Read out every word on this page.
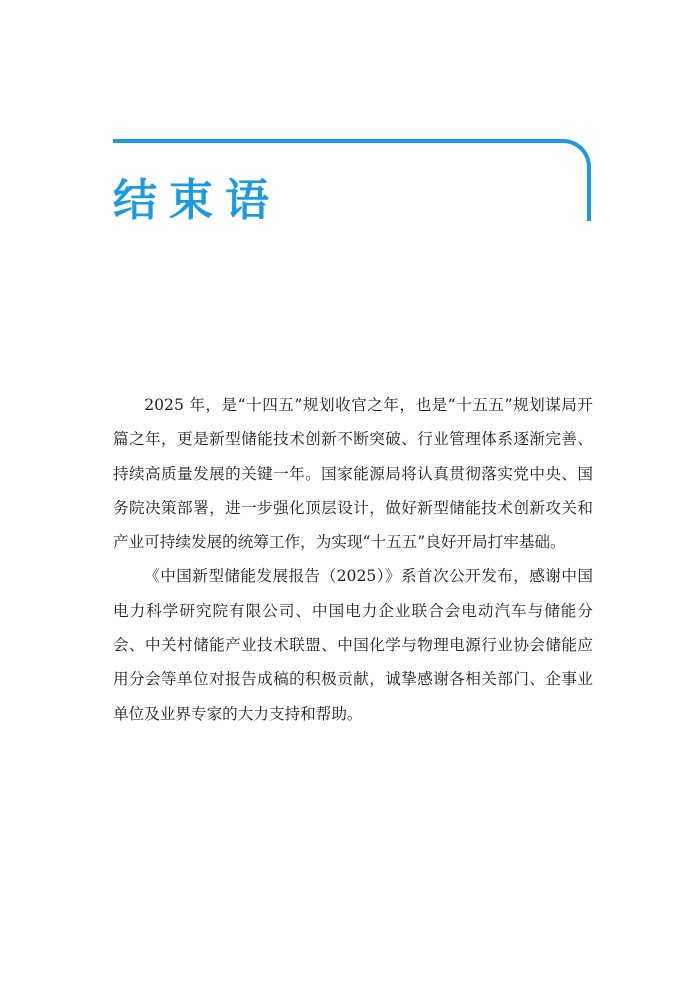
结束语

2025 年，是“十四五”规划收官之年，也是“十五五”规划谋局开篇之年，更是新型储能技术创新不断突破、行业管理体系逐渐完善、持续高质量发展的关键一年。国家能源局将认真贯彻落实党中央、国务院决策部署，进一步强化顶层设计，做好新型储能技术创新攻关和产业可持续发展的统筹工作，为实现“十五五”良好开局打牢基础。

《中国新型储能发展报告（2025）》系首次公开发布，感谢中国电力科学研究院有限公司、中国电力企业联合会电动汽车与储能分会、中关村储能产业技术联盟、中国化学与物理电源行业协会储能应用分会等单位对报告成稿的积极贡献，诚挚感谢各相关部门、企事业单位及业界专家的大力支持和帮助。
